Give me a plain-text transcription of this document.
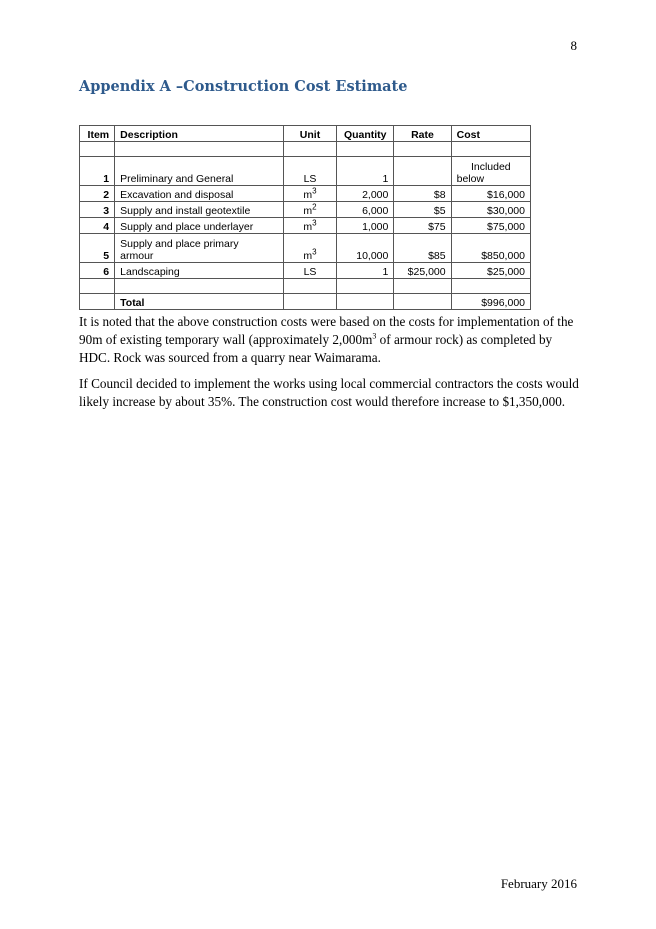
8
Appendix A –Construction Cost Estimate
Item	Description	Unit	Quantity	Rate	Cost

1	Preliminary and General	LS	1		Included
below

2	Excavation and disposal	$m^3$	2,000	$8	$16,000
3	Supply and install geotextile	$m^2$	6,000	$5	$30,000
4	Supply and place underlayer	$m^3$	1,000	$75	$75,000
5	Supply and place primary
armour	$m^3$	10,000	$85	$850,000
6	Landscaping	LS	1	$25,000	$25,000

	Total				$996,000

It is noted that the above construction costs were based on the costs for implementation of the 90m of existing temporary wall (approximately $2,000m^3$ of armour rock) as completed by HDC. Rock was sourced from a quarry near Waimarama.

If Council decided to implement the works using local commercial contractors the costs would likely increase by about 35%. The construction cost would therefore increase to $1,350,000.

February 2016
